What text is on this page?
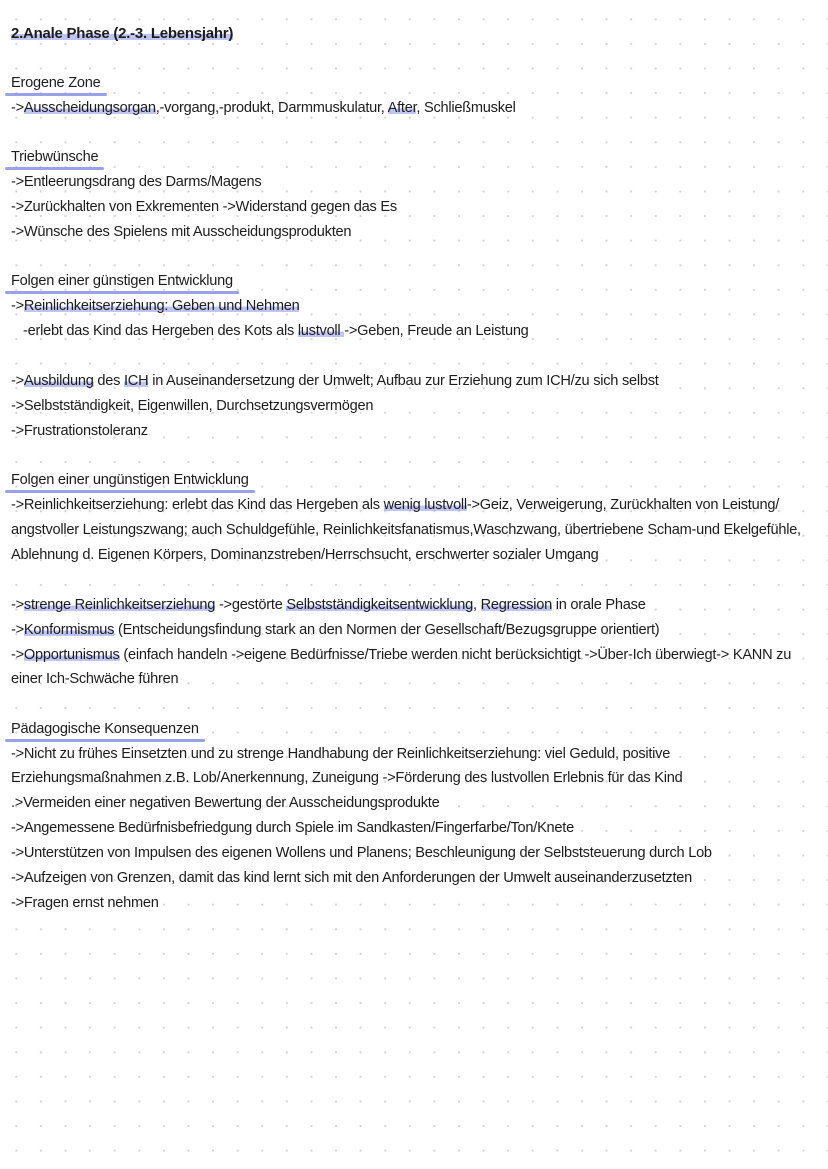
2.Anale Phase (2.-3. Lebensjahr)
Erogene Zone
->Ausscheidungsorgan,-vorgang,-produkt, Darmmuskulatur, After, Schließmuskel
Triebwünsche
->Entleerungsdrang des Darms/Magens
->Zurückhalten von Exkrementen ->Widerstand gegen das Es
->Wünsche des Spielens mit Ausscheidungsprodukten
Folgen einer günstigen Entwicklung
->Reinlichkeitserziehung: Geben und Nehmen
-erlebt das Kind das Hergeben des Kots als lustvoll ->Geben, Freude an Leistung
->Ausbildung des ICH in Auseinandersetzung der Umwelt; Aufbau zur Erziehung zum ICH/zu sich selbst
->Selbstständigkeit, Eigenwillen, Durchsetzungsvermögen
->Frustrationstoleranz
Folgen einer ungünstigen Entwicklung
->Reinlichkeitserziehung: erlebt das Kind das Hergeben als wenig lustvoll->Geiz, Verweigerung, Zurückhalten von Leistung/
angstvoller Leistungszwang; auch Schuldgefühle, Reinlichkeitsfanatismus,Waschzwang, übertriebene Scham-und Ekelgefühle,
Ablehnung d. Eigenen Körpers, Dominanzstreben/Herrschsucht, erschwerter sozialer Umgang
->strenge Reinlichkeitserziehung ->gestörte Selbstständigkeitsentwicklung, Regression in orale Phase
->Konformismus (Entscheidungsfindung stark an den Normen der Gesellschaft/Bezugsgruppe orientiert)
->Opportunismus (einfach handeln ->eigene Bedürfnisse/Triebe werden nicht berücksichtigt ->Über-Ich überwiegt-> KANN zu
einer Ich-Schwäche führen
Pädagogische Konsequenzen
->Nicht zu frühes Einsetzten und zu strenge Handhabung der Reinlichkeitserziehung: viel Geduld, positive
Erziehungsmaßnahmen z.B. Lob/Anerkennung, Zuneigung ->Förderung des lustvollen Erlebnis für das Kind
.>Vermeiden einer negativen Bewertung der Ausscheidungsprodukte
->Angemessene Bedürfnisbefriedgung durch Spiele im Sandkasten/Fingerfarbe/Ton/Knete
->Unterstützen von Impulsen des eigenen Wollens und Planens; Beschleunigung der Selbststeuerung durch Lob
->Aufzeigen von Grenzen, damit das kind lernt sich mit den Anforderungen der Umwelt auseinanderzusetzten
->Fragen ernst nehmen
